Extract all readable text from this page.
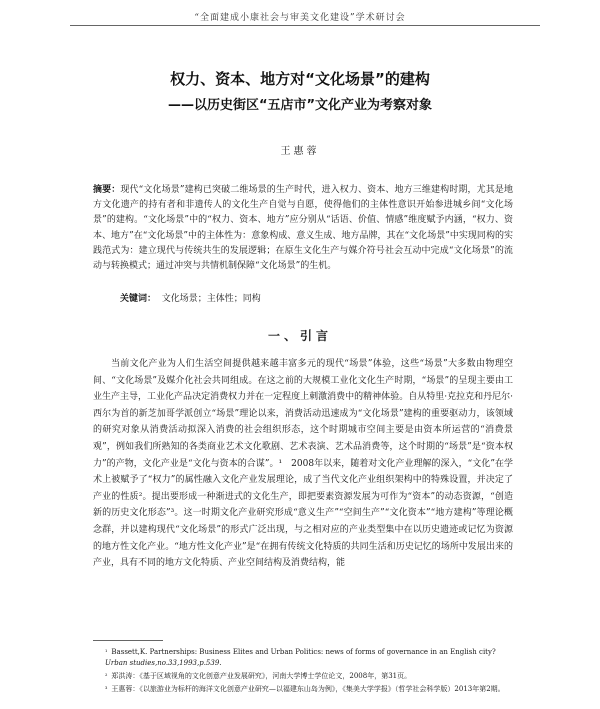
“全面建成小康社会与审美文化建设”学术研讨会
权力、资本、地方对“文化场景”的建构
——以历史街区“五店市”文化产业为考察对象
王惠蓉
摘要：现代“文化场景”建构已突破二维场景的生产时代，进入权力、资本、地方三维建构时期，尤其是地方文化遗产的持有者和非遗传人的文化生产自觉与自愿，使得他们的主体性意识开始参进城乡间“文化场景”的建构。“文化场景”中的“权力、资本、地方”应分别从“话语、价值、情感”维度赋予内涵，“权力、资本、地方”在“文化场景”中的主体性为：意象构成、意义生成、地方品牌，其在“文化场景”中实现同构的实践范式为：建立现代与传统共生的发展逻辑；在原生文化生产与媒介符号社会互动中完成“文化场景”的流动与转换模式；通过冲突与共情机制保障“文化场景”的生机。
关键词： 文化场景；主体性；同构
一、引言
当前文化产业为人们生活空间提供越来越丰富多元的现代“场景”体验，这些“场景”大多数由物理空间、“文化场景”及媒介化社会共同组成。在这之前的大规模工业化文化生产时期，“场景”的呈现主要由工业生产主导，工业化产品决定消费权力并在一定程度上刺激消费中的精神体验。自从特里·克拉克和丹尼尔·西尔为首的新芝加哥学派创立“场景”理论以来，消费活动迅速成为“文化场景”建构的重要驱动力，该领域的研究对象从消费活动拟深入消费的社会组织形态，这个时期城市空间主要是由资本所运营的“消费景观”，例如我们所熟知的各类商业艺术文化歌剧、艺术表演、艺术品消费等，这个时期的“场景”是“资本权力”的产物，文化产业是“文化与资本的合谋”。¹　2008年以来，随着对文化产业理解的深入，“文化”在学术上被赋予了“权力”的属性融入文化产业发展理论，成了当代文化产业组织架构中的特殊设置，并决定了产业的性质²。提出要形成一种渐进式的文化生产，即把要素资源发展为可作为“资本”的动态资源，“创造新的历史文化形态”³。这一时期文化产业研究形成“意义生产”“空间生产”“文化资本”“地方建构”等理论概念群，并以建构现代“文化场景”的形式广泛出现，与之相对应的产业类型集中在以历史遗迹或记忆为资源的地方性文化产业。“地方性文化产业”是“在拥有传统文化特质的共同生活和历史记忆的场所中发展出来的产业，具有不同的地方文化特质、产业空间结构及消费结构，能
¹ Bassett,K. Partnerships: Business Elites and Urban Politics: news of forms of governance in an English city?
Urban studies,no.33,1993,p.539.
² 郑洪涛：《基于区域视角的文化创意产业发展研究》，河南大学博士学位论文，2008年，第31页。
³ 王惠蓉：《以旅游业为标杆的海洋文化创意产业研究—以福建东山岛为例》，《集美大学学报》（哲学社会科学版）2013年第2期。
